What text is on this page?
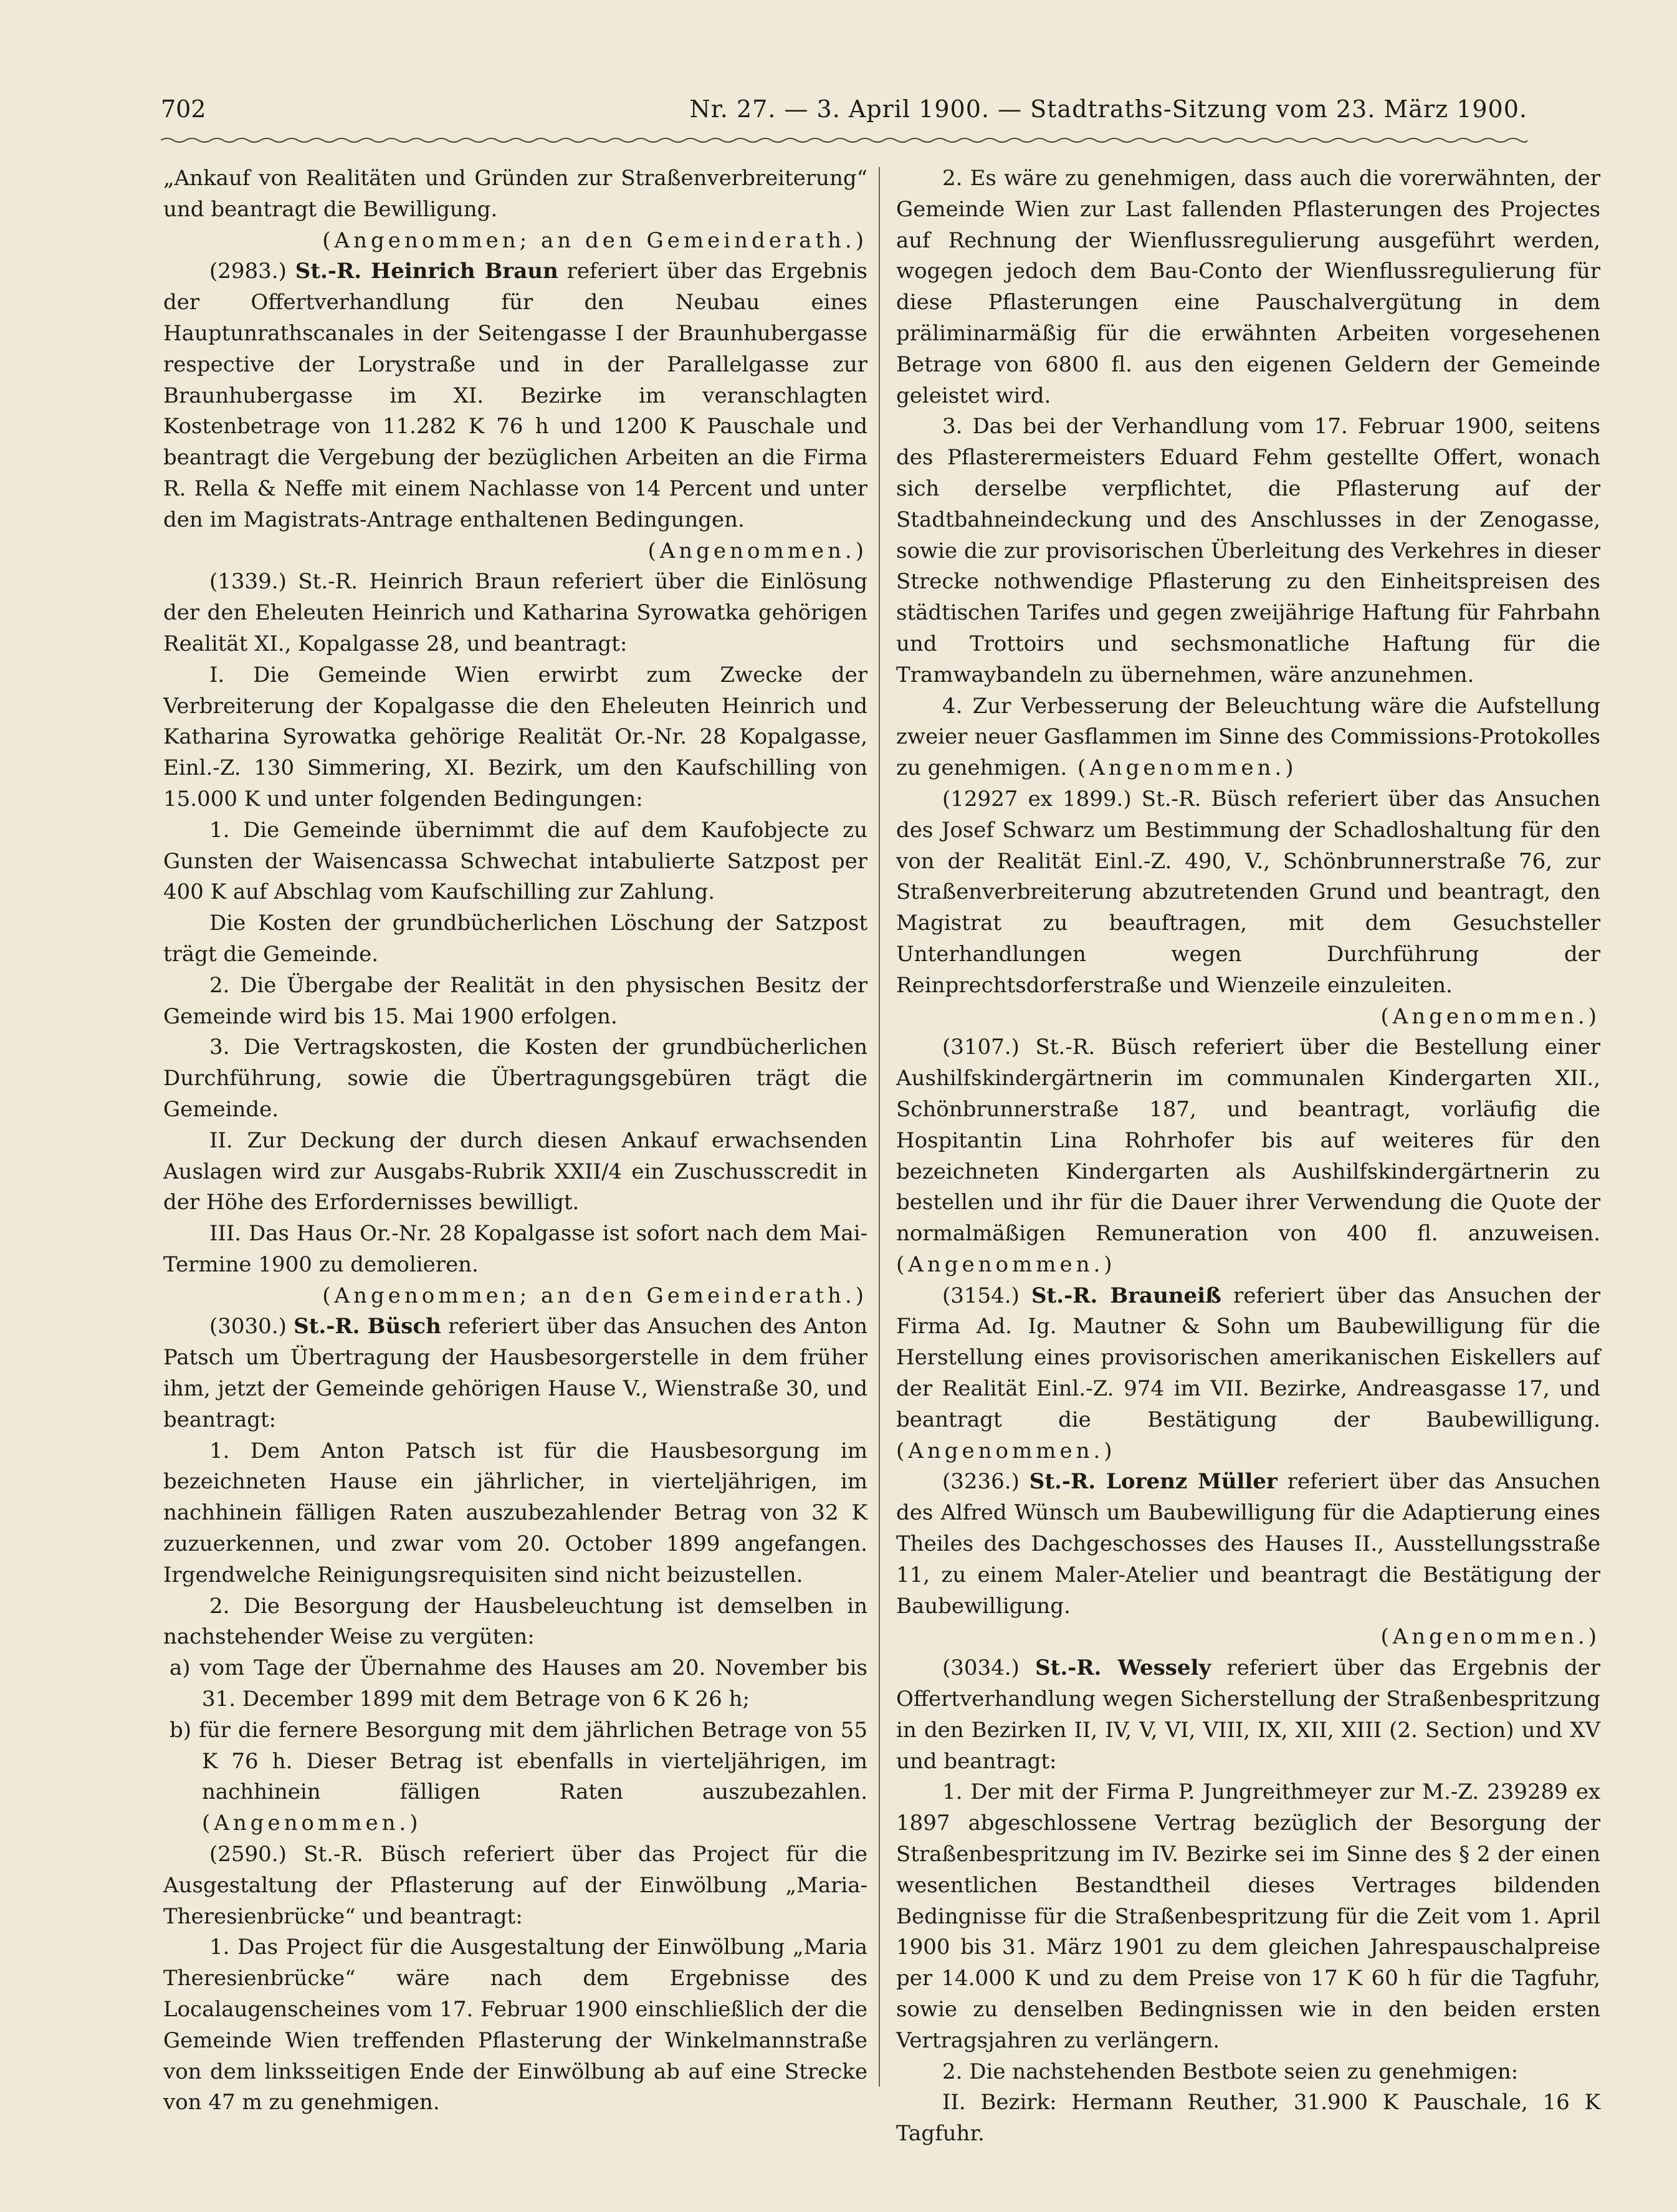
702	Nr. 27. — 3. April 1900. — Stadtraths-Sitzung vom 23. März 1900.

„Ankauf von Realitäten und Gründen zur Straßenverbreiterung“ und beantragt die Bewilligung.

(Angenommen; an den Gemeinderath.)

(2983.) St.-R. Heinrich Braun referiert über das Ergebnis der Offertverhandlung für den Neubau eines Hauptunrathscanales in der Seitengasse I der Braunhubergasse respective der Lorystraße und in der Parallelgasse zur Braunhubergasse im XI. Bezirke im veranschlagten Kostenbetrage von 11.282 K 76 h und 1200 K Pauschale und beantragt die Vergebung der bezüglichen Arbeiten an die Firma R. Rella & Neffe mit einem Nachlasse von 14 Percent und unter den im Magistrats-Antrage enthaltenen Bedingungen.

(Angenommen.)

(1339.) St.-R. Heinrich Braun referiert über die Einlösung der den Eheleuten Heinrich und Katharina Syrowatka gehörigen Realität XI., Kopalgasse 28, und beantragt:

I. Die Gemeinde Wien erwirbt zum Zwecke der Verbreiterung der Kopalgasse die den Eheleuten Heinrich und Katharina Syrowatka gehörige Realität Or.-Nr. 28 Kopalgasse, Einl.-Z. 130 Simmering, XI. Bezirk, um den Kaufschilling von 15.000 K und unter folgenden Bedingungen:

1. Die Gemeinde übernimmt die auf dem Kaufobjecte zu Gunsten der Waisencassa Schwechat intabulierte Satzpost per 400 K auf Abschlag vom Kaufschilling zur Zahlung.

Die Kosten der grundbücherlichen Löschung der Satzpost trägt die Gemeinde.

2. Die Übergabe der Realität in den physischen Besitz der Gemeinde wird bis 15. Mai 1900 erfolgen.

3. Die Vertragskosten, die Kosten der grundbücherlichen Durchführung, sowie die Übertragungsgebüren trägt die Gemeinde.

II. Zur Deckung der durch diesen Ankauf erwachsenden Auslagen wird zur Ausgabs-Rubrik XXII/4 ein Zuschusscredit in der Höhe des Erfordernisses bewilligt.

III. Das Haus Or.-Nr. 28 Kopalgasse ist sofort nach dem Mai-Termine 1900 zu demolieren.

(Angenommen; an den Gemeinderath.)

(3030.) St.-R. Büsch referiert über das Ansuchen des Anton Patsch um Übertragung der Hausbesorgerstelle in dem früher ihm, jetzt der Gemeinde gehörigen Hause V., Wienstraße 30, und beantragt:

1. Dem Anton Patsch ist für die Hausbesorgung im bezeichneten Hause ein jährlicher, in vierteljährigen, im nachhinein fälligen Raten auszubezahlender Betrag von 32 K zuzuerkennen, und zwar vom 20. October 1899 angefangen. Irgendwelche Reinigungsrequisiten sind nicht beizustellen.

2. Die Besorgung der Hausbeleuchtung ist demselben in nachstehender Weise zu vergüten:

a) vom Tage der Übernahme des Hauses am 20. November bis 31. December 1899 mit dem Betrage von 6 K 26 h;

b) für die fernere Besorgung mit dem jährlichen Betrage von 55 K 76 h. Dieser Betrag ist ebenfalls in vierteljährigen, im nachhinein fälligen Raten auszubezahlen. (Angenommen.)

(2590.) St.-R. Büsch referiert über das Project für die Ausgestaltung der Pflasterung auf der Einwölbung „Maria-Theresienbrücke“ und beantragt:

1. Das Project für die Ausgestaltung der Einwölbung „Maria Theresienbrücke“ wäre nach dem Ergebnisse des Localaugenscheines vom 17. Februar 1900 einschließlich der die Gemeinde Wien treffenden Pflasterung der Winkelmannstraße von dem linksseitigen Ende der Einwölbung ab auf eine Strecke von 47 m zu genehmigen.

2. Es wäre zu genehmigen, dass auch die vorerwähnten, der Gemeinde Wien zur Last fallenden Pflasterungen des Projectes auf Rechnung der Wienflussregulierung ausgeführt werden, wogegen jedoch dem Bau-Conto der Wienflussregulierung für diese Pflasterungen eine Pauschalvergütung in dem präliminarmäßig für die erwähnten Arbeiten vorgesehenen Betrage von 6800 fl. aus den eigenen Geldern der Gemeinde geleistet wird.

3. Das bei der Verhandlung vom 17. Februar 1900, seitens des Pflasterermeisters Eduard Fehm gestellte Offert, wonach sich derselbe verpflichtet, die Pflasterung auf der Stadtbahneindeckung und des Anschlusses in der Zenogasse, sowie die zur provisorischen Überleitung des Verkehres in dieser Strecke nothwendige Pflasterung zu den Einheitspreisen des städtischen Tarifes und gegen zweijährige Haftung für Fahrbahn und Trottoirs und sechsmonatliche Haftung für die Tramwaybandeln zu übernehmen, wäre anzunehmen.

4. Zur Verbesserung der Beleuchtung wäre die Aufstellung zweier neuer Gasflammen im Sinne des Commissions-Protokolles zu genehmigen. (Angenommen.)

(12927 ex 1899.) St.-R. Büsch referiert über das Ansuchen des Josef Schwarz um Bestimmung der Schadloshaltung für den von der Realität Einl.-Z. 490, V., Schönbrunnerstraße 76, zur Straßenverbreiterung abzutretenden Grund und beantragt, den Magistrat zu beauftragen, mit dem Gesuchsteller Unterhandlungen wegen Durchführung der Reinprechtsdorferstraße und Wienzeile einzuleiten.

(Angenommen.)

(3107.) St.-R. Büsch referiert über die Bestellung einer Aushilfskindergärtnerin im communalen Kindergarten XII., Schönbrunnerstraße 187, und beantragt, vorläufig die Hospitantin Lina Rohrhofer bis auf weiteres für den bezeichneten Kindergarten als Aushilfskindergärtnerin zu bestellen und ihr für die Dauer ihrer Verwendung die Quote der normalmäßigen Remuneration von 400 fl. anzuweisen. (Angenommen.)

(3154.) St.-R. Brauneiß referiert über das Ansuchen der Firma Ad. Ig. Mautner & Sohn um Baubewilligung für die Herstellung eines provisorischen amerikanischen Eiskellers auf der Realität Einl.-Z. 974 im VII. Bezirke, Andreasgasse 17, und beantragt die Bestätigung der Baubewilligung. (Angenommen.)

(3236.) St.-R. Lorenz Müller referiert über das Ansuchen des Alfred Wünsch um Baubewilligung für die Adaptierung eines Theiles des Dachgeschosses des Hauses II., Ausstellungsstraße 11, zu einem Maler-Atelier und beantragt die Bestätigung der Baubewilligung.

(Angenommen.)

(3034.) St.-R. Wessely referiert über das Ergebnis der Offertverhandlung wegen Sicherstellung der Straßenbespritzung in den Bezirken II, IV, V, VI, VIII, IX, XII, XIII (2. Section) und XV und beantragt:

1. Der mit der Firma P. Jungreithmeyer zur M.-Z. 239289 ex 1897 abgeschlossene Vertrag bezüglich der Besorgung der Straßenbespritzung im IV. Bezirke sei im Sinne des § 2 der einen wesentlichen Bestandtheil dieses Vertrages bildenden Bedingnisse für die Straßenbespritzung für die Zeit vom 1. April 1900 bis 31. März 1901 zu dem gleichen Jahrespauschalpreise per 14.000 K und zu dem Preise von 17 K 60 h für die Tagfuhr, sowie zu denselben Bedingnissen wie in den beiden ersten Vertragsjahren zu verlängern.

2. Die nachstehenden Bestbote seien zu genehmigen:

II. Bezirk: Hermann Reuther, 31.900 K Pauschale, 16 K Tagfuhr.
